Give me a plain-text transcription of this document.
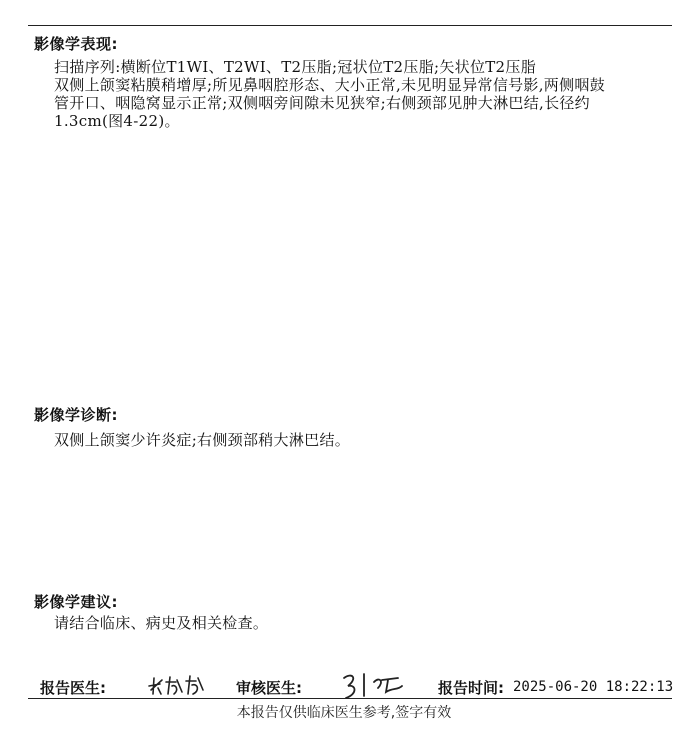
影像学表现:

扫描序列:横断位T1WI、T2WI、T2压脂;冠状位T2压脂;矢状位T2压脂

双侧上颌窦粘膜稍增厚;所见鼻咽腔形态、大小正常,未见明显异常信号影,两侧咽鼓管开口、咽隐窝显示正常;双侧咽旁间隙未见狭窄;右侧颈部见肿大淋巴结,长径约1.3cm(图4-22)。

影像学诊断:
双侧上颌窦少许炎症;右侧颈部稍大淋巴结。
影像学建议:
请结合临床、病史及相关检查。
报告医生:	审核医生:	报告时间: 2025-06-20 18:22:13
本报告仅供临床医生参考,签字有效
